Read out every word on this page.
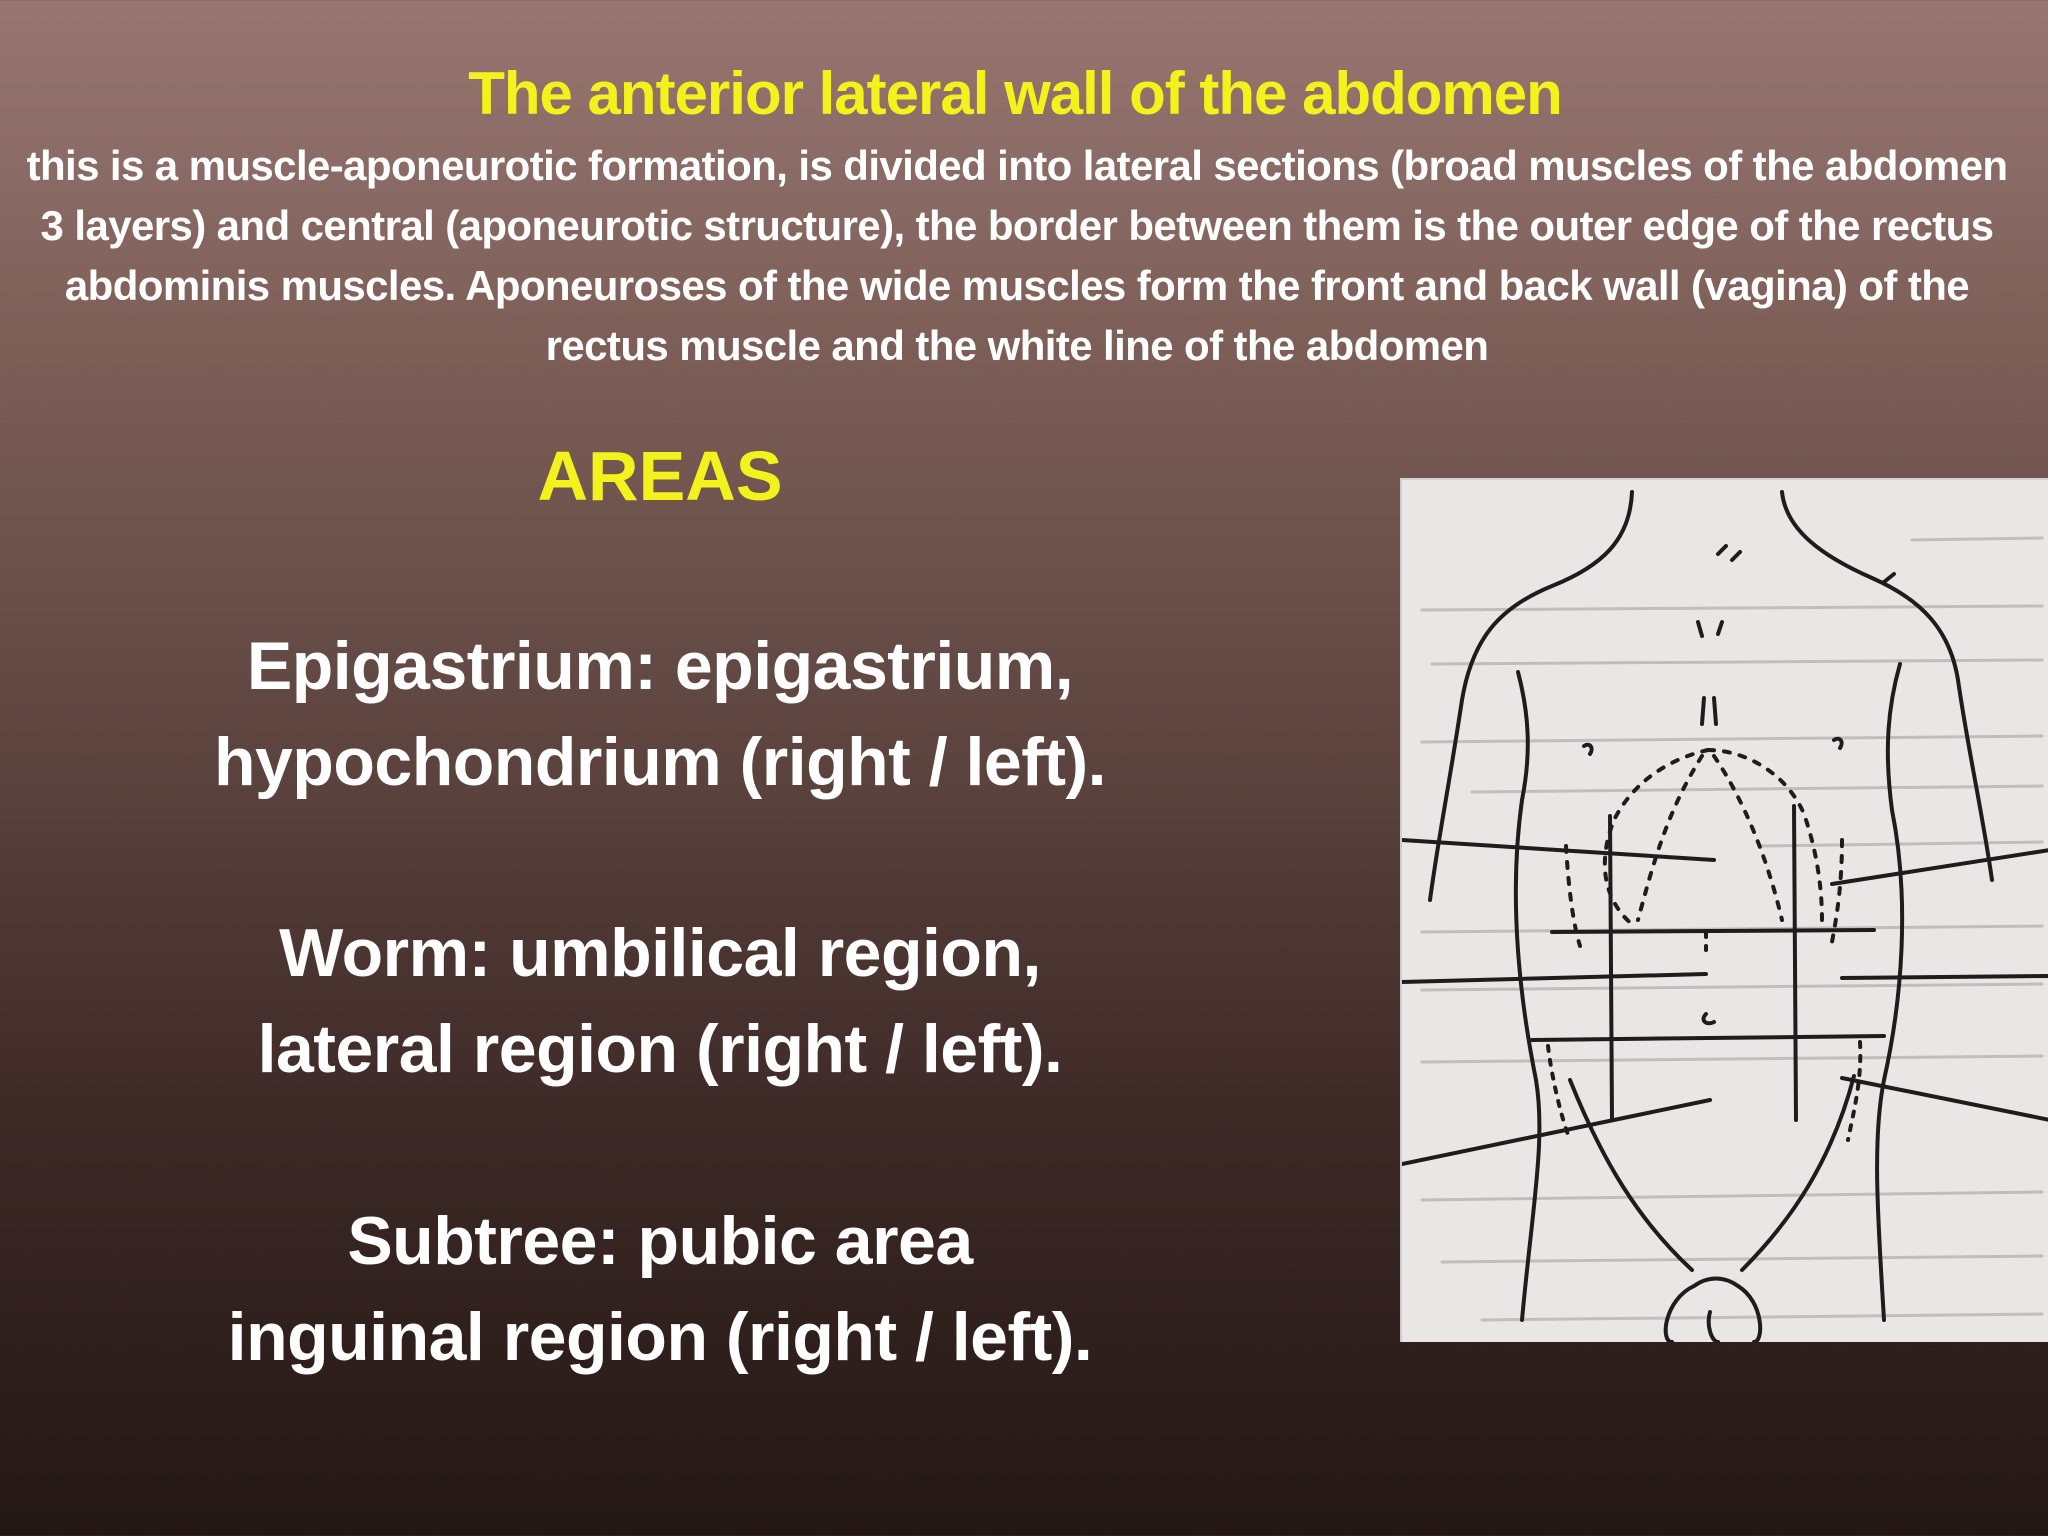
The anterior lateral wall of the abdomen

this is a muscle-aponeurotic formation, is divided into lateral sections (broad muscles of the abdomen 3 layers) and central (aponeurotic structure), the border between them is the outer edge of the rectus abdominis muscles. Aponeuroses of the wide muscles form the front and back wall (vagina) of the rectus muscle and the white line of the abdomen

AREAS

Epigastrium: epigastrium,
hypochondrium (right / left).

Worm: umbilical region,
lateral region (right / left).

Subtree: pubic area
inguinal region (right / left).
